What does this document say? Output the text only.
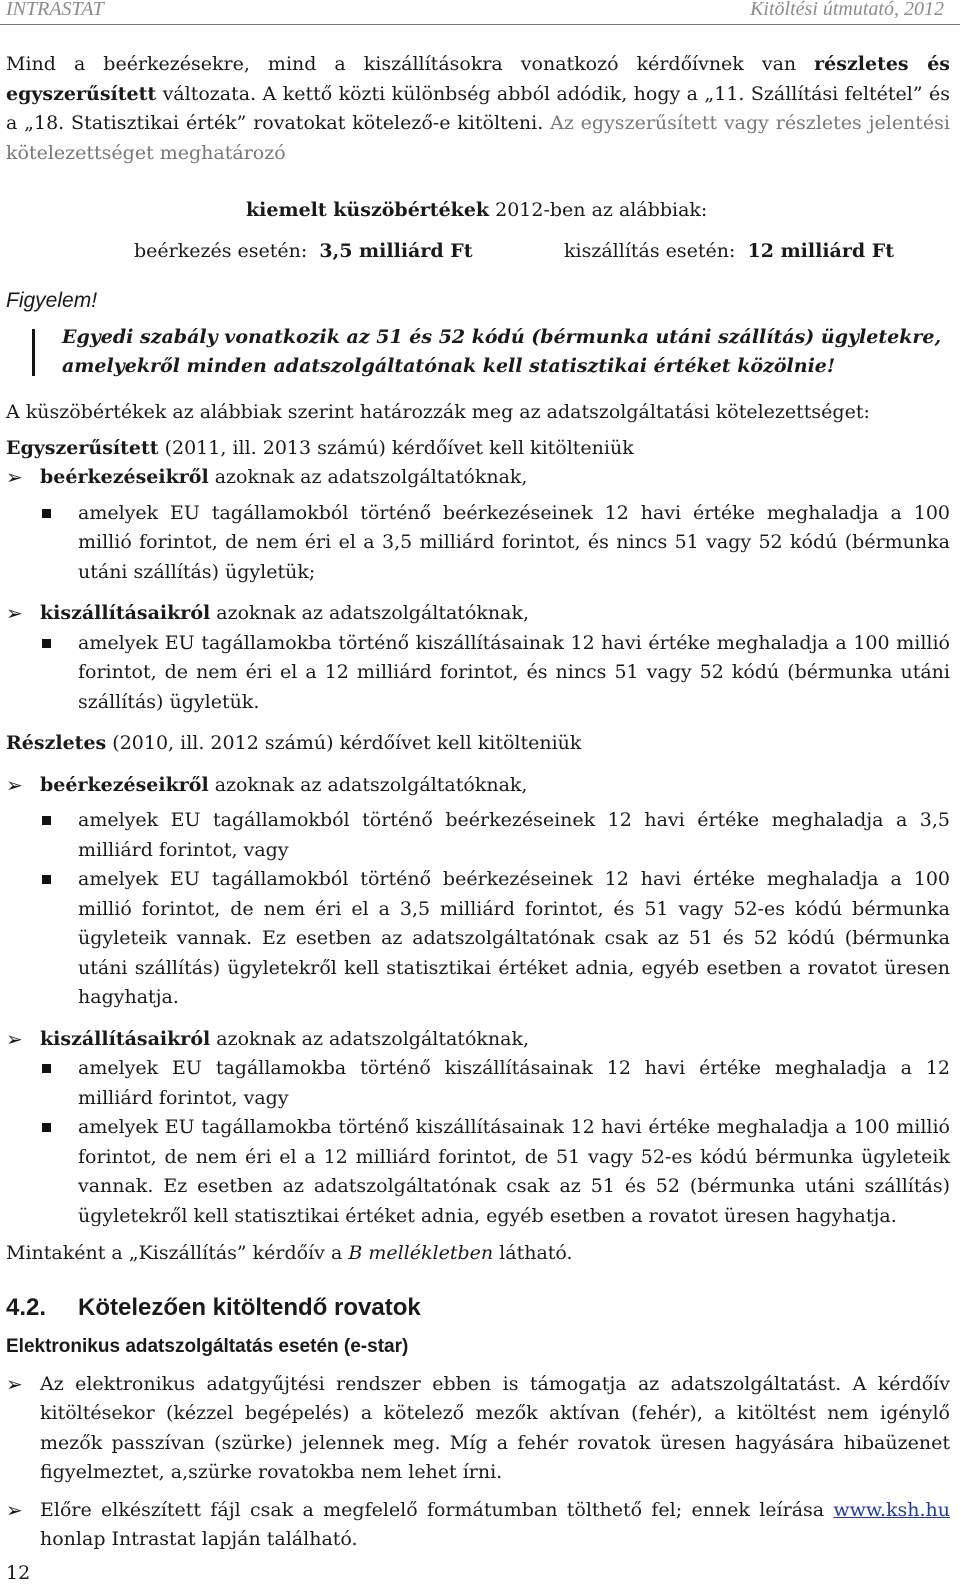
INTRASTAT	Kitöltési útmutató, 2012

Mind a beérkezésekre, mind a kiszállításokra vonatkozó kérdőívnek van részletes és egyszerűsített változata. A kettő közti különbség abból adódik, hogy a „11. Szállítási feltétel” és a „18. Statisztikai érték” rovatokat kötelező-e kitölteni. Az egyszerűsített vagy részletes jelentési kötelezettséget meghatározó

kiemelt küszöbértékek 2012-ben az alábbiak:
beérkezés esetén: 3,5 milliárd Ft	kiszállítás esetén: 12 milliárd Ft
Figyelem!
Egyedi szabály vonatkozik az 51 és 52 kódú (bérmunka utáni szállítás) ügyletekre, amelyekről minden adatszolgáltatónak kell statisztikai értéket közölnie!

A küszöbértékek az alábbiak szerint határozzák meg az adatszolgáltatási kötelezettséget:

Egyszerűsített (2011, ill. 2013 számú) kérdőívet kell kitölteniük

➢ beérkezéseikről azoknak az adatszolgáltatóknak,
amelyek EU tagállamokból történő beérkezéseinek 12 havi értéke meghaladja a 100 millió forintot, de nem éri el a 3,5 milliárd forintot, és nincs 51 vagy 52 kódú (bérmunka utáni szállítás) ügyletük;
➢ kiszállításaikról azoknak az adatszolgáltatóknak,
amelyek EU tagállamokba történő kiszállításainak 12 havi értéke meghaladja a 100 millió forintot, de nem éri el a 12 milliárd forintot, és nincs 51 vagy 52 kódú (bérmunka utáni szállítás) ügyletük.

Részletes (2010, ill. 2012 számú) kérdőívet kell kitölteniük

➢ beérkezéseikről azoknak az adatszolgáltatóknak,
amelyek EU tagállamokból történő beérkezéseinek 12 havi értéke meghaladja a 3,5 milliárd forintot, vagy
amelyek EU tagállamokból történő beérkezéseinek 12 havi értéke meghaladja a 100 millió forintot, de nem éri el a 3,5 milliárd forintot, és 51 vagy 52-es kódú bérmunka ügyleteik vannak. Ez esetben az adatszolgáltatónak csak az 51 és 52 kódú (bérmunka utáni szállítás) ügyletekről kell statisztikai értéket adnia, egyéb esetben a rovatot üresen hagyhatja.
➢ kiszállításaikról azoknak az adatszolgáltatóknak,
amelyek EU tagállamokba történő kiszállításainak 12 havi értéke meghaladja a 12 milliárd forintot, vagy
amelyek EU tagállamokba történő kiszállításainak 12 havi értéke meghaladja a 100 millió forintot, de nem éri el a 12 milliárd forintot, de 51 vagy 52-es kódú bérmunka ügyleteik vannak. Ez esetben az adatszolgáltatónak csak az 51 és 52 (bérmunka utáni szállítás) ügyletekről kell statisztikai értéket adnia, egyéb esetben a rovatot üresen hagyhatja.

Mintaként a „Kiszállítás” kérdőív a B mellékletben látható.

4.2. Kötelezően kitöltendő rovatok
Elektronikus adatszolgáltatás esetén (e-star)
➢ Az elektronikus adatgyűjtési rendszer ebben is támogatja az adatszolgáltatást. A kérdőív kitöltésekor (kézzel begépelés) a kötelező mezők aktívan (fehér), a kitöltést nem igénylő mezők passzívan (szürke) jelennek meg. Míg a fehér rovatok üresen hagyására hibaüzenet figyelmeztet, a,szürke rovatokba nem lehet írni.
➢ Előre elkészített fájl csak a megfelelő formátumban tölthető fel; ennek leírása www.ksh.hu honlap Intrastat lapján található.
12
